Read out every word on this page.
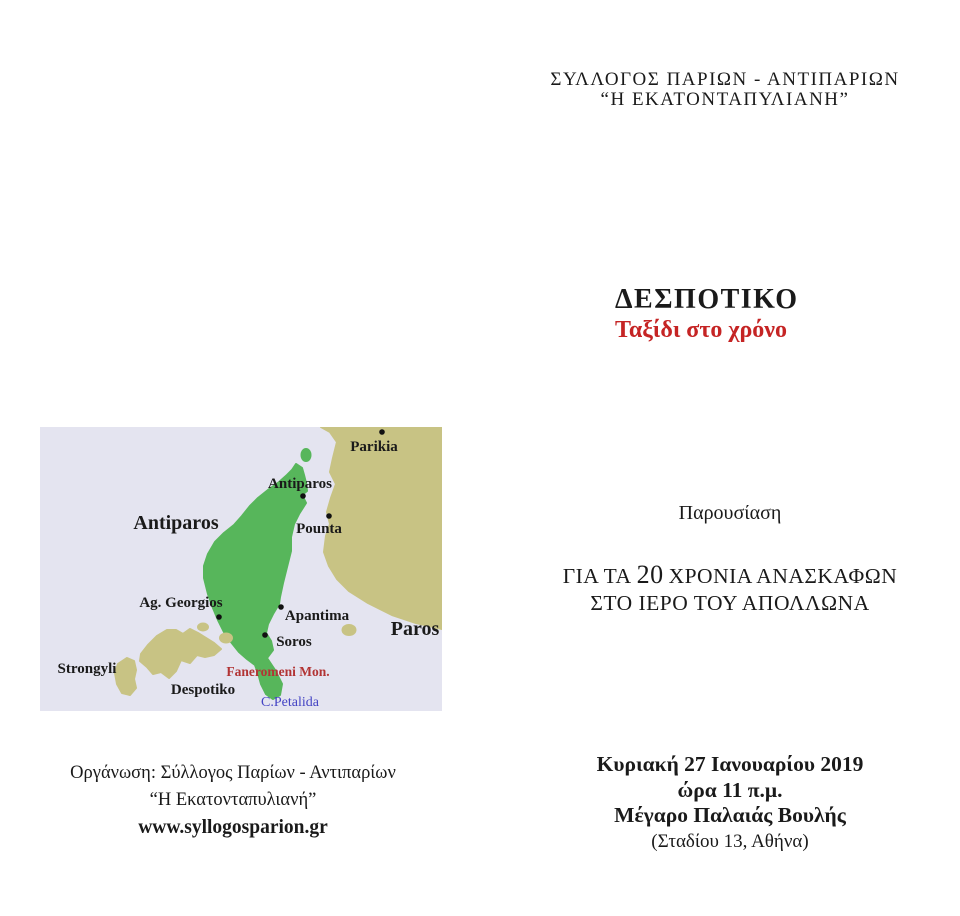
ΣΥΛΛΟΓΟΣ ΠΑΡΙΩΝ - ΑΝΤΙΠΑΡΙΩΝ
“Η ΕΚΑΤΟΝΤΑΠΥΛΙΑΝΗ”
ΔΕΣΠΟΤΙΚΟ
Ταξίδι στο χρόνο
Παρουσίαση
ΓΙΑ ΤΑ 20 ΧΡΟΝΙΑ ΑΝΑΣΚΑΦΩΝ
ΣΤΟ ΙΕΡΟ ΤΟΥ ΑΠΟΛΛΩΝΑ
Parikia
Antiparos
Antiparos	Pounta
Ag. Georgios
Apantima
Soros
Paros
Strongyli
Despotiko
Faneromeni Mon.
C.Petalida
Οργάνωση: Σύλλογος Παρίων - Αντιπαρίων
“Η Εκατονταπυλιανή”
www.syllogosparion.gr
Κυριακή 27 Ιανουαρίου 2019
ώρα 11 π.μ.
Μέγαρο Παλαιάς Βουλής
(Σταδίου 13, Αθήνα)
